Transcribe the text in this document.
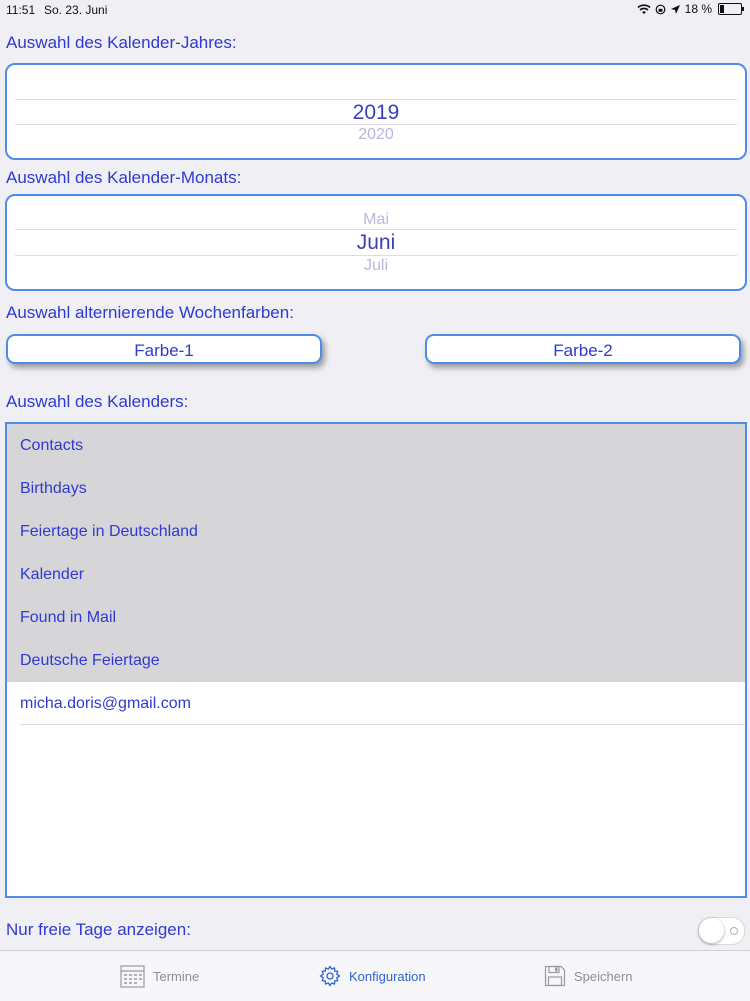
11:51 So. 23. Juni	18 %
Auswahl des Kalender-Jahres:
2019
2020
Auswahl des Kalender-Monats:
Mai
Juni
Juli
Auswahl alternierende Wochenfarben:
Farbe-1	Farbe-2
Auswahl des Kalenders:
Contacts
Birthdays
Feiertage in Deutschland
Kalender
Found in Mail
Deutsche Feiertage
micha.doris@gmail.com
Nur freie Tage anzeigen:
Termine	Konfiguration	Speichern
